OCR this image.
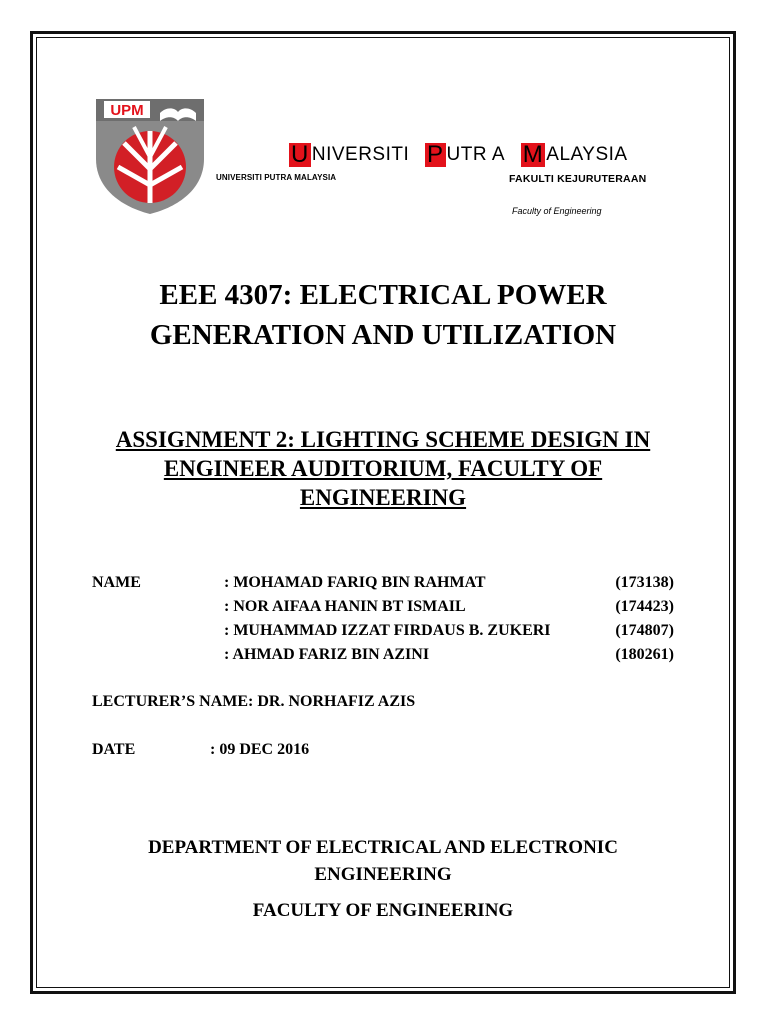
UPM
U NIVERSITI P UTR A M ALAYSIA
UNIVERSITI PUTRA MALAYSIA	FAKULTI KEJURUTERAAN
Faculty of Engineering
EEE 4307: ELECTRICAL POWER
GENERATION AND UTILIZATION
ASSIGNMENT 2: LIGHTING SCHEME DESIGN IN
ENGINEER AUDITORIUM, FACULTY OF
ENGINEERING
NAME	: MOHAMAD FARIQ BIN RAHMAT	(173138)
: NOR AIFAA HANIN BT ISMAIL	(174423)
: MUHAMMAD IZZAT FIRDAUS B. ZUKERI	(174807)
: AHMAD FARIZ BIN AZINI	(180261)
LECTURER’S NAME: DR. NORHAFIZ AZIS
DATE	: 09 DEC 2016
DEPARTMENT OF ELECTRICAL AND ELECTRONIC
ENGINEERING
FACULTY OF ENGINEERING
